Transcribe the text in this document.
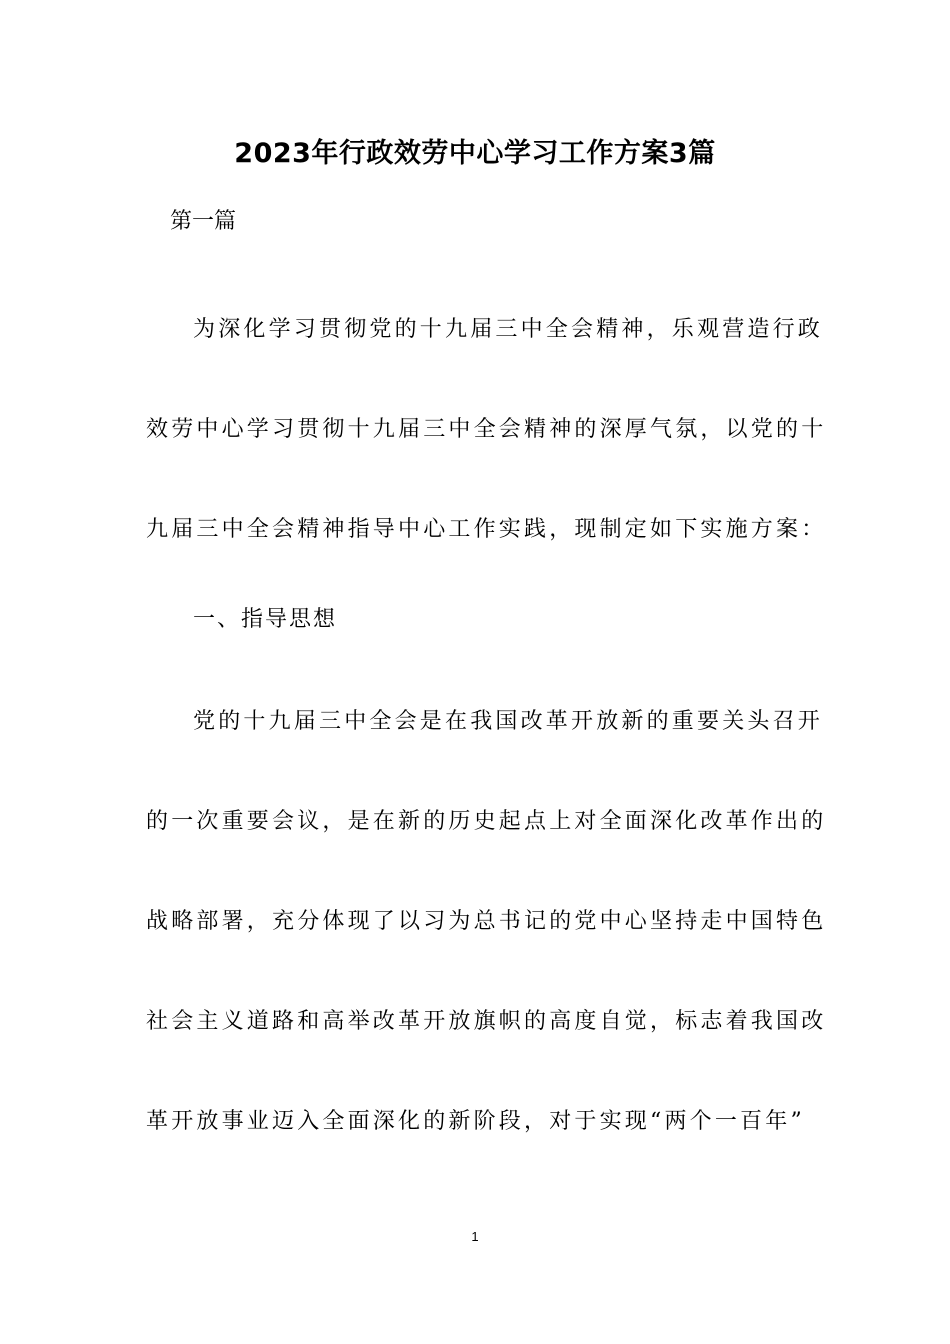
2023年行政效劳中心学习工作方案3篇
第一篇
为深化学习贯彻党的十九届三中全会精神，乐观营造行政
效劳中心学习贯彻十九届三中全会精神的深厚气氛，以党的十
九届三中全会精神指导中心工作实践，现制定如下实施方案：
一、指导思想
党的十九届三中全会是在我国改革开放新的重要关头召开
的一次重要会议，是在新的历史起点上对全面深化改革作出的
战略部署，充分体现了以习为总书记的党中心坚持走中国特色
社会主义道路和高举改革开放旗帜的高度自觉，标志着我国改
革开放事业迈入全面深化的新阶段，对于实现“两个一百年”
1
